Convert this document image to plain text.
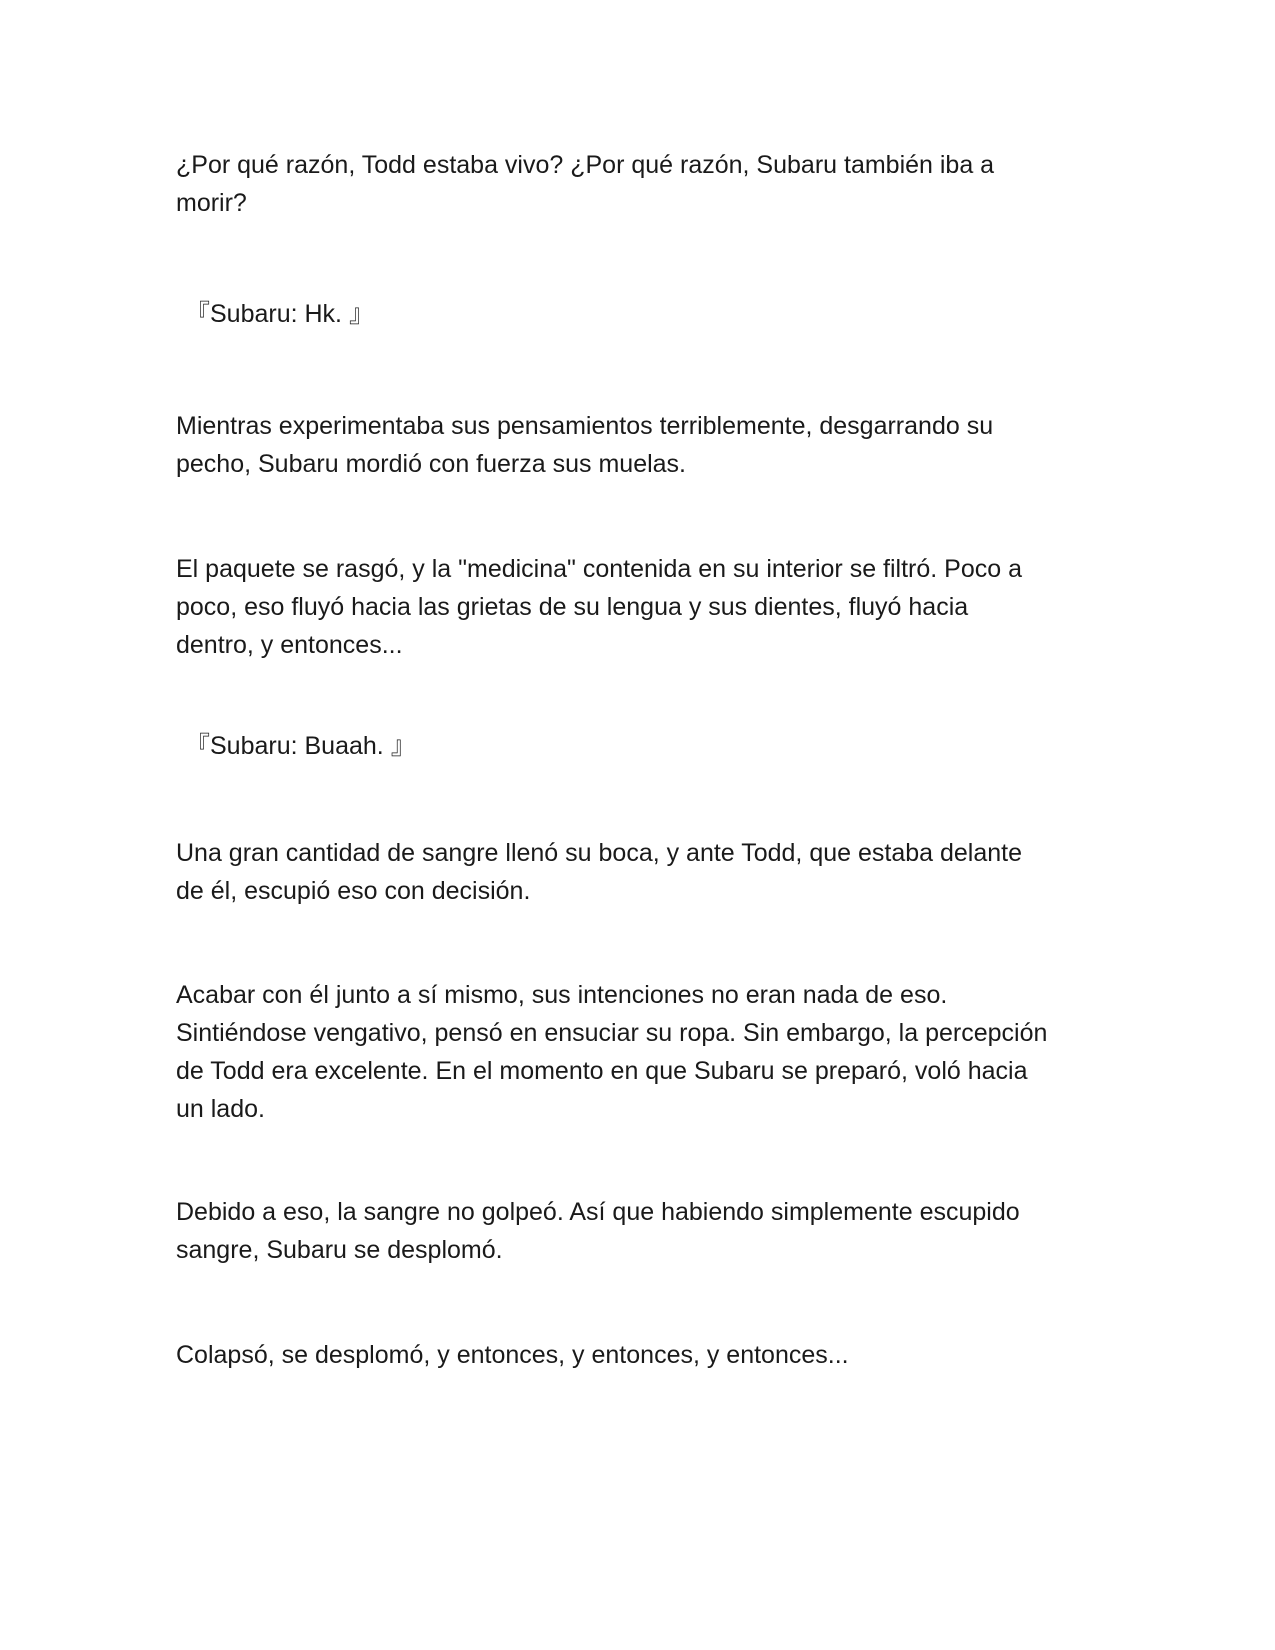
¿Por qué razón, Todd estaba vivo? ¿Por qué razón, Subaru también iba a
morir?

『Subaru: Hk. 』

Mientras experimentaba sus pensamientos terriblemente, desgarrando su
pecho, Subaru mordió con fuerza sus muelas.

El paquete se rasgó, y la "medicina" contenida en su interior se filtró. Poco a
poco, eso fluyó hacia las grietas de su lengua y sus dientes, fluyó hacia
dentro, y entonces...

『Subaru: Buaah. 』

Una gran cantidad de sangre llenó su boca, y ante Todd, que estaba delante
de él, escupió eso con decisión.

Acabar con él junto a sí mismo, sus intenciones no eran nada de eso.
Sintiéndose vengativo, pensó en ensuciar su ropa. Sin embargo, la percepción
de Todd era excelente. En el momento en que Subaru se preparó, voló hacia
un lado.

Debido a eso, la sangre no golpeó. Así que habiendo simplemente escupido
sangre, Subaru se desplomó.

Colapsó, se desplomó, y entonces, y entonces, y entonces...
